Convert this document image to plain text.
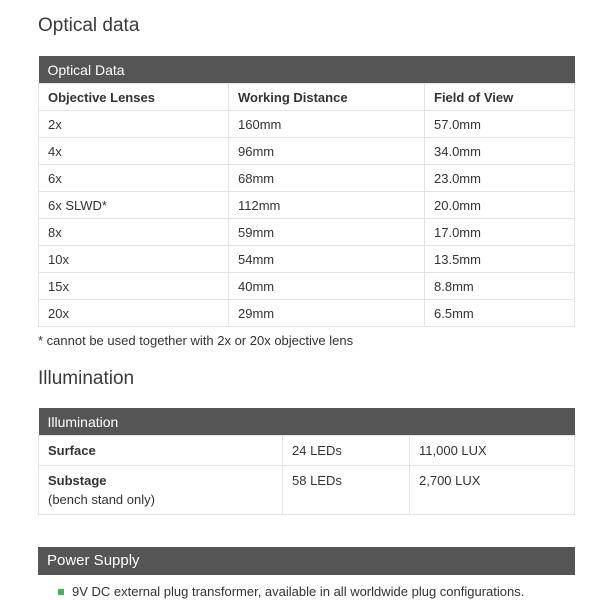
Optical data
Optical Data		
Objective Lenses	Working Distance	Field of View
2x	160mm	57.0mm
4x	96mm	34.0mm
6x	68mm	23.0mm
6x SLWD*	112mm	20.0mm
8x	59mm	17.0mm
10x	54mm	13.5mm
15x	40mm	8.8mm
20x	29mm	6.5mm
* cannot be used together with 2x or 20x objective lens
Illumination
Illumination		
Surface	24 LEDs	11,000 LUX
Substage
(bench stand only)	58 LEDs	2,700 LUX
Power Supply
9V DC external plug transformer, available in all worldwide plug configurations.
